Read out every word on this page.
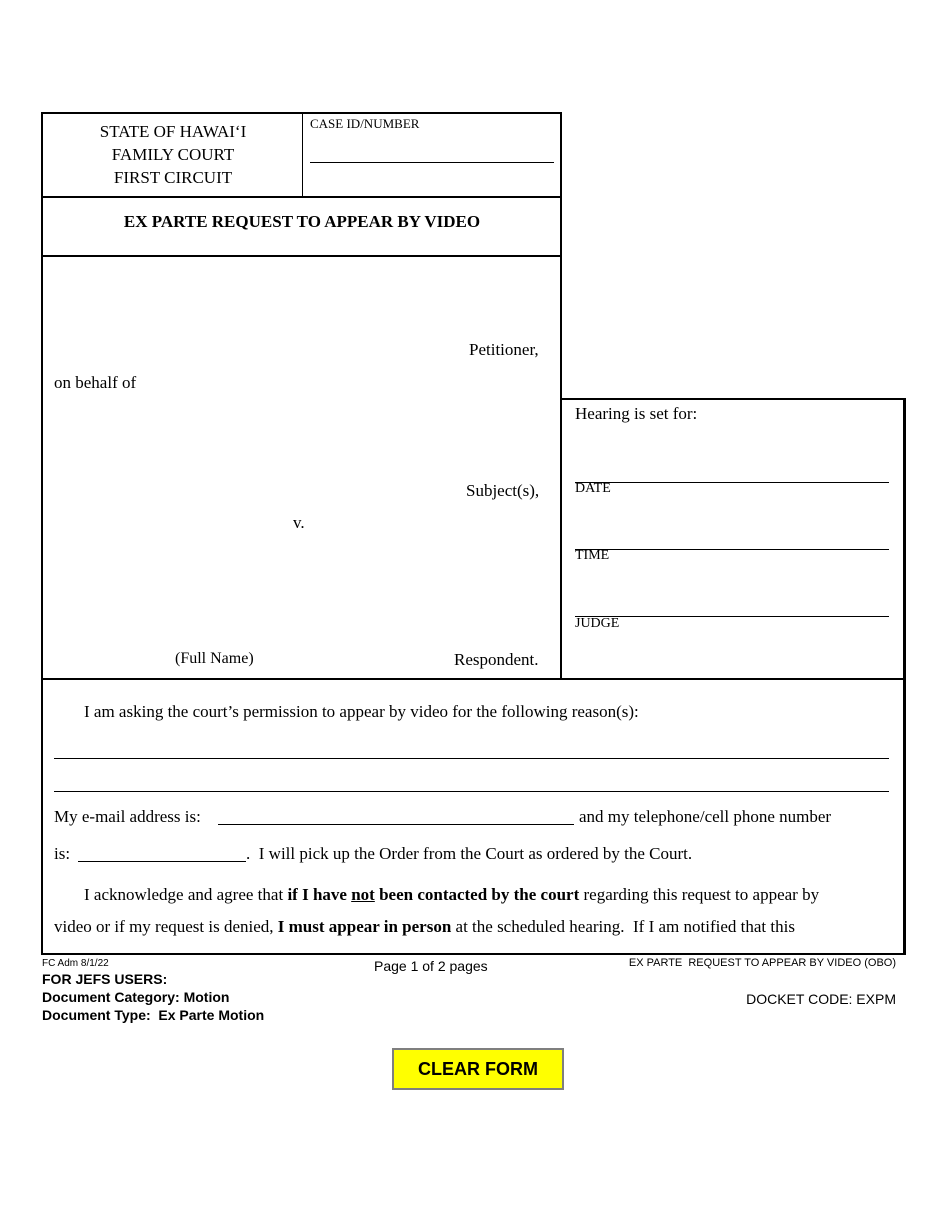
STATE OF HAWAI‘I
FAMILY COURT
FIRST CIRCUIT
CASE ID/NUMBER
EX PARTE REQUEST TO APPEAR BY VIDEO
Petitioner,
on behalf of
Subject(s),
v.
(Full Name)	Respondent.
Hearing is set for:
DATE
TIME
JUDGE
I am asking the court’s permission to appear by video for the following reason(s):
My e-mail address is:	and my telephone/cell phone number
is:	.  I will pick up the Order from the Court as ordered by the Court.
I acknowledge and agree that if I have not been contacted by the court regarding this request to appear by
video or if my request is denied, I must appear in person at the scheduled hearing.  If I am notified that this
FC Adm 8/1/22
FOR JEFS USERS:
Document Category: Motion
Document Type:  Ex Parte Motion
Page 1 of 2 pages	EX PARTE  REQUEST TO APPEAR BY VIDEO (OBO)
DOCKET CODE: EXPM
CLEAR FORM
